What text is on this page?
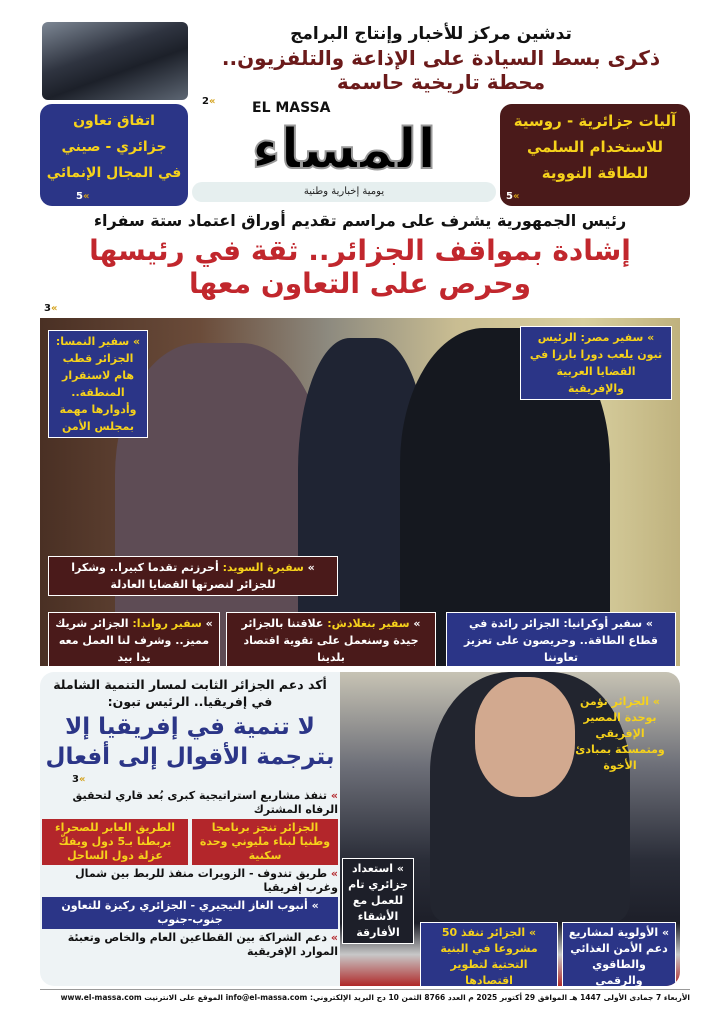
تدشين مركز للأخبار وإنتاج البرامج
ذكرى بسط السيادة على الإذاعة والتلفزيون.. محطة تاريخية حاسمة
2«
اتفاق تعاون
جزائري - صيني
في المجال الإنمائي
5«
المساء
EL MASSA
يومية إخبارية وطنية
آليات جزائرية - روسية
للاستخدام السلمي
للطاقة النووية
5«
رئيس الجمهورية يشرف على مراسم تقديم أوراق اعتماد ستة سفراء
إشادة بمواقف الجزائر.. ثقة في رئيسها وحرص على التعاون معها
3«
» سفير النمسا: الجزائر قطب هام لاستقرار المنطقة.. وأدوارها مهمة بمجلس الأمن
» سفير مصر: الرئيس تبون يلعب دورا بارزا في القضايا العربية والإفريقية
» سفيرة السويد: أحرزتم تقدما كبيرا.. وشكرا للجزائر لنصرتها القضايا العادلة
» سفير رواندا: الجزائر شريك مميز.. وشرف لنا العمل معه يدا بيد
» سفير بنغلادش: علاقتنا بالجزائر جيدة وسنعمل على تقوية اقتصاد بلدينا
» سفير أوكرانيا: الجزائر رائدة في قطاع الطاقة.. وحريصون على تعزيز تعاوننا
أكد دعم الجزائر الثابت لمسار التنمية الشاملة
في إفريقيا.. الرئيس تبون:
لا تنمية في إفريقيا إلا
بترجمة الأقوال إلى أفعال
3«
» تنفذ مشاريع استراتيجية كبرى بُعد قاري لتحقيق الرفاه المشترك
الجزائر تنجز برنامجا وطنيا لبناء مليوني وحدة سكنية
الطريق العابر للصحراء يربطنا بـ5 دول ويفكّ عزلة دول الساحل
» طريق تندوف - الزويرات منفذ للربط بين شمال وغرب إفريقيا
» أنبوب الغاز النيجيري - الجزائري ركيزة للتعاون جنوب-جنوب
» دعم الشراكة بين القطاعين العام والخاص وتعبئة الموارد الإفريقية
» الجزائر تؤمن بوحدة المصير الإفريقي ومتمسكة بمبادئ الأخوة
» استعداد جزائري تام للعمل مع الأشقاء الأفارقة	» الجزائر تنفذ 50 مشروعا في البنية التحتية لتطوير اقتصادها
» الأولوية لمشاريع دعم الأمن الغذائي والطاقوي والرقمي
الأربعاء 7 جمادى الأولى 1447 هـ الموافق 29 أكتوبر 2025 م العدد 8766 الثمن 10 دج البريد الإلكتروني: info@el-massa.com الموقع على الانترنيت www.el-massa.com
